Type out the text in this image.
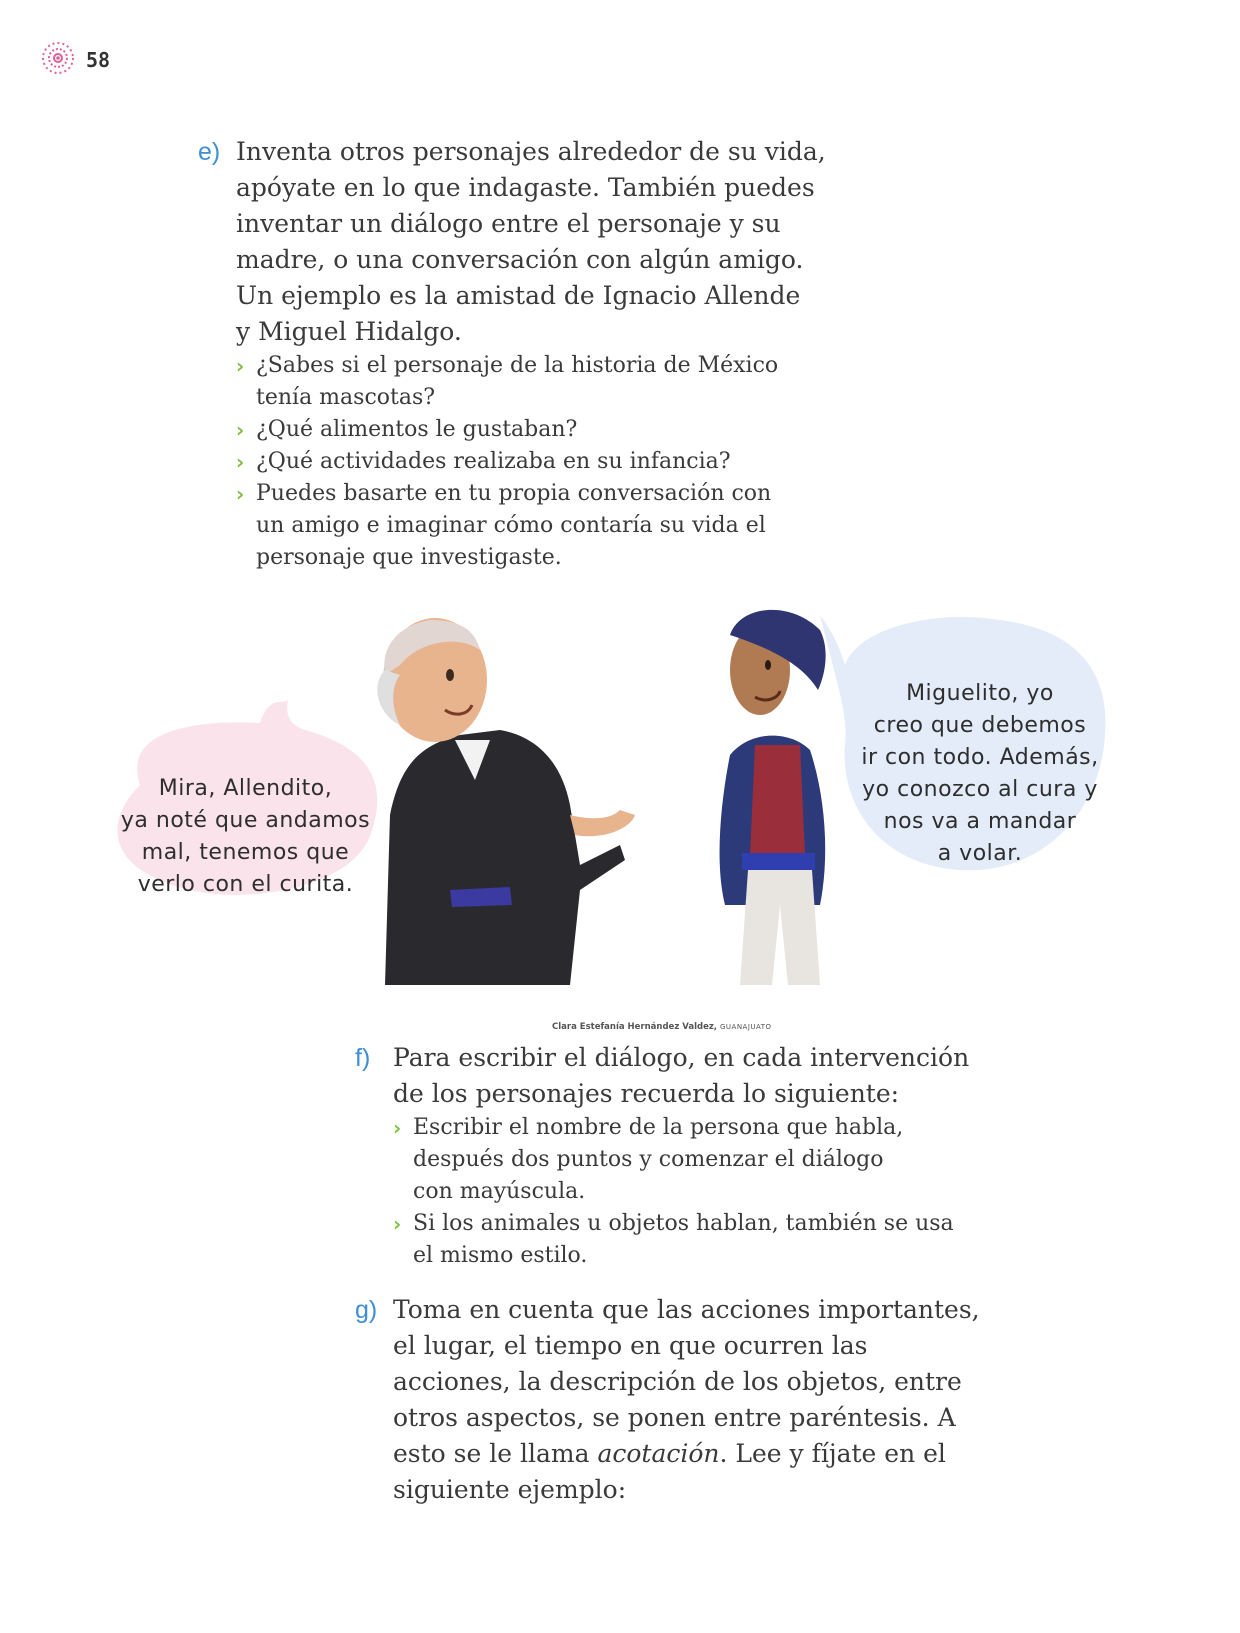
58
e) Inventa otros personajes alrededor de su vida,
apóyate en lo que indagaste. También puedes
inventar un diálogo entre el personaje y su
madre, o una conversación con algún amigo.
Un ejemplo es la amistad de Ignacio Allende
y Miguel Hidalgo.
› ¿Sabes si el personaje de la historia de México
tenía mascotas?
› ¿Qué alimentos le gustaban?
› ¿Qué actividades realizaba en su infancia?
› Puedes basarte en tu propia conversación con
un amigo e imaginar cómo contaría su vida el
personaje que investigaste.
Mira, Allendito,
ya noté que andamos
mal, tenemos que
verlo con el curita.
Miguelito, yo
creo que debemos
ir con todo. Además,
yo conozco al cura y
nos va a mandar
a volar.
Clara Estefanía Hernández Valdez, GUANAJUATO
f) Para escribir el diálogo, en cada intervención
de los personajes recuerda lo siguiente:
› Escribir el nombre de la persona que habla,
después dos puntos y comenzar el diálogo
con mayúscula.
› Si los animales u objetos hablan, también se usa
el mismo estilo.
g) Toma en cuenta que las acciones importantes,
el lugar, el tiempo en que ocurren las
acciones, la descripción de los objetos, entre
otros aspectos, se ponen entre paréntesis. A
esto se le llama acotación. Lee y fíjate en el
siguiente ejemplo:
